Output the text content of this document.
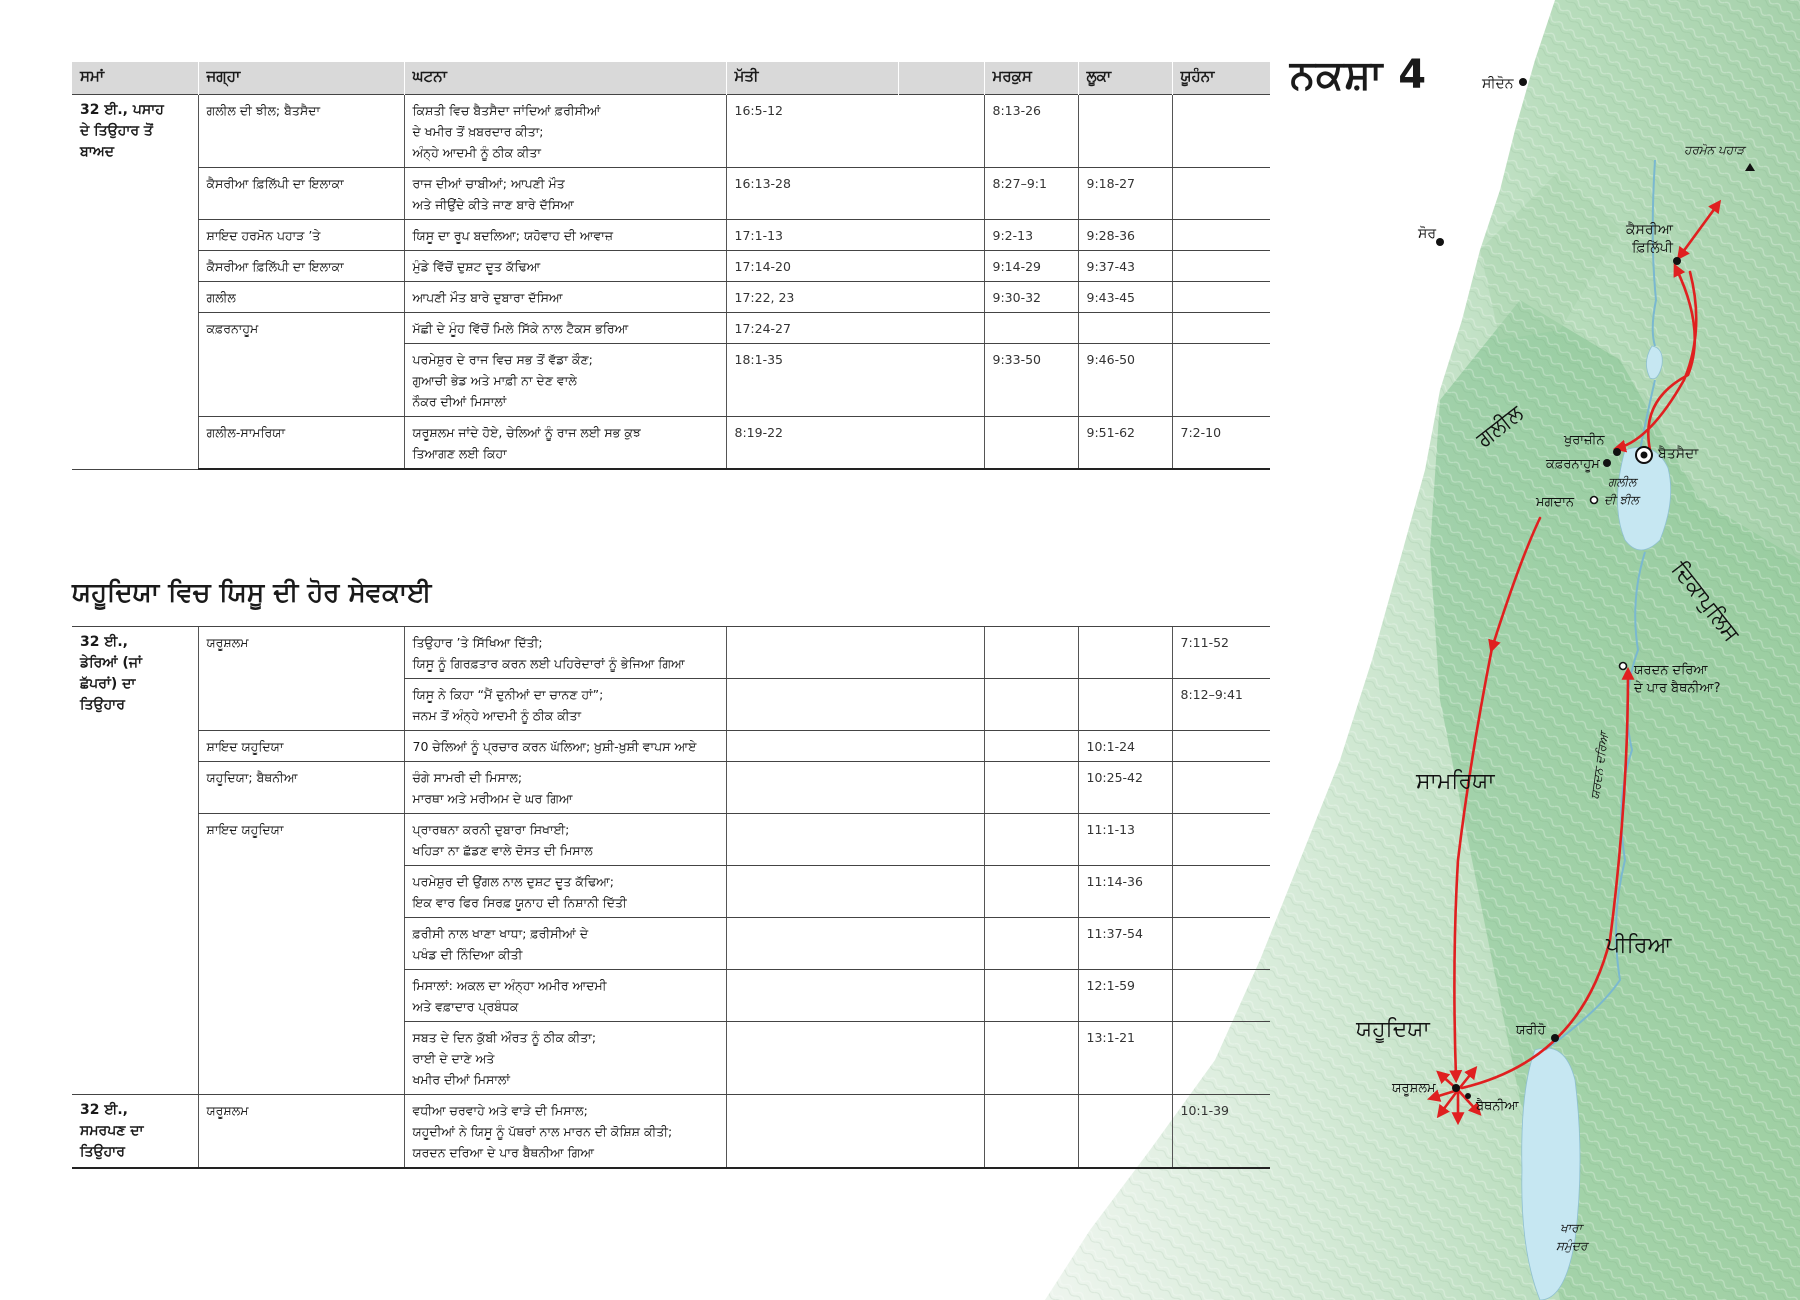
ਸੀਦੋਨ
ਸੋਰ
ਹਰਮੋਨ ਪਹਾੜ
ਕੈਸਰੀਆ
ਫ਼ਿਲਿੱਪੀ
ਗਲੀਲ	ਖੁਰਾਜ਼ੀਨ
ਕਫ਼ਰਨਾਹੂਮ
ਬੈਤਸੈਦਾ
ਗਲੀਲ
ਦੀ ਝੀਲ
ਮਗਦਾਨ
ਦਿਕਾਪੁਲਿਸ
ਯਰਦਨ ਦਰਿਆ
ਦੇ ਪਾਰ ਬੈਥਨੀਆ?
ਸਾਮਰਿਯਾ	ਯਰਦਨ ਦਰਿਆ
ਪੀਰਿਆ
ਯਹੂਦਿਯਾ	ਯਰੀਹੋ
ਯਰੂਸ਼ਲਮ
ਬੈਥਨੀਆ
ਖਾਰਾ
ਸਮੁੰਦਰ
ਨਕਸ਼ਾ 4
ਸਮਾਂ	ਜਗ੍ਹਾ	ਘਟਨਾ	ਮੱਤੀ		ਮਰਕੁਸ	ਲੂਕਾ	ਯੂਹੰਨਾ

32 ਈ., ਪਸਾਹ
ਦੇ ਤਿਉਹਾਰ ਤੋਂ
ਬਾਅਦ	ਗਲੀਲ ਦੀ ਝੀਲ; ਬੈਤਸੈਦਾ	ਕਿਸ਼ਤੀ ਵਿਚ ਬੈਤਸੈਦਾ ਜਾਂਦਿਆਂ ਫ਼ਰੀਸੀਆਂ
ਦੇ ਖਮੀਰ ਤੋਂ ਖ਼ਬਰਦਾਰ ਕੀਤਾ;
ਅੰਨ੍ਹੇ ਆਦਮੀ ਨੂੰ ਠੀਕ ਕੀਤਾ	16:5-12		8:13-26		
	ਕੈਸਰੀਆ ਫ਼ਿਲਿੱਪੀ ਦਾ ਇਲਾਕਾ	ਰਾਜ ਦੀਆਂ ਚਾਬੀਆਂ; ਆਪਣੀ ਮੌਤ
ਅਤੇ ਜੀਉਂਦੇ ਕੀਤੇ ਜਾਣ ਬਾਰੇ ਦੱਸਿਆ	16:13-28		8:27–9:1	9:18-27	
	ਸ਼ਾਇਦ ਹਰਮੋਨ ਪਹਾੜ ’ਤੇ	ਯਿਸੂ ਦਾ ਰੂਪ ਬਦਲਿਆ; ਯਹੋਵਾਹ ਦੀ ਆਵਾਜ਼	17:1-13		9:2-13	9:28-36	
	ਕੈਸਰੀਆ ਫ਼ਿਲਿੱਪੀ ਦਾ ਇਲਾਕਾ	ਮੁੰਡੇ ਵਿੱਚੋਂ ਦੁਸ਼ਟ ਦੂਤ ਕੱਢਿਆ	17:14-20		9:14-29	9:37-43	
	ਗਲੀਲ	ਆਪਣੀ ਮੌਤ ਬਾਰੇ ਦੁਬਾਰਾ ਦੱਸਿਆ	17:22, 23		9:30-32	9:43-45	
	ਕਫ਼ਰਨਾਹੂਮ	ਮੱਛੀ ਦੇ ਮੂੰਹ ਵਿੱਚੋਂ ਮਿਲੇ ਸਿੱਕੇ ਨਾਲ ਟੈਕਸ ਭਰਿਆ	17:24-27				

		ਪਰਮੇਸ਼ੁਰ ਦੇ ਰਾਜ ਵਿਚ ਸਭ ਤੋਂ ਵੱਡਾ ਕੌਣ;
ਗੁਆਚੀ ਭੇਡ ਅਤੇ ਮਾਫ਼ੀ ਨਾ ਦੇਣ ਵਾਲੇ
ਨੌਕਰ ਦੀਆਂ ਮਿਸਾਲਾਂ	18:1-35		9:33-50	9:46-50	
	ਗਲੀਲ-ਸਾਮਰਿਯਾ	ਯਰੂਸ਼ਲਮ ਜਾਂਦੇ ਹੋਏ, ਚੇਲਿਆਂ ਨੂੰ ਰਾਜ ਲਈ ਸਭ ਕੁਝ
ਤਿਆਗਣ ਲਈ ਕਿਹਾ	8:19-22			9:51-62	7:2-10
ਯਹੂਦਿਯਾ ਵਿਚ ਯਿਸੂ ਦੀ ਹੋਰ ਸੇਵਕਾਈ
32 ਈ.,
ਡੇਰਿਆਂ (ਜਾਂ
ਛੱਪਰਾਂ) ਦਾ
ਤਿਉਹਾਰ	ਯਰੂਸ਼ਲਮ	ਤਿਉਹਾਰ ’ਤੇ ਸਿੱਖਿਆ ਦਿੱਤੀ;
ਯਿਸੂ ਨੂੰ ਗਿਰਫ਼ਤਾਰ ਕਰਨ ਲਈ ਪਹਿਰੇਦਾਰਾਂ ਨੂੰ ਭੇਜਿਆ ਗਿਆ				7:11-52

		ਯਿਸੂ ਨੇ ਕਿਹਾ “ਮੈਂ ਦੁਨੀਆਂ ਦਾ ਚਾਨਣ ਹਾਂ”;
ਜਨਮ ਤੋਂ ਅੰਨ੍ਹੇ ਆਦਮੀ ਨੂੰ ਠੀਕ ਕੀਤਾ				8:12–9:41
	ਸ਼ਾਇਦ ਯਹੂਦਿਯਾ	70 ਚੇਲਿਆਂ ਨੂੰ ਪ੍ਰਚਾਰ ਕਰਨ ਘੱਲਿਆ; ਖ਼ੁਸ਼ੀ-ਖ਼ੁਸ਼ੀ ਵਾਪਸ ਆਏ			10:1-24	
	ਯਹੂਦਿਯਾ; ਬੈਥਨੀਆ	ਚੰਗੇ ਸਾਮਰੀ ਦੀ ਮਿਸਾਲ;
ਮਾਰਥਾ ਅਤੇ ਮਰੀਅਮ ਦੇ ਘਰ ਗਿਆ			10:25-42	
	ਸ਼ਾਇਦ ਯਹੂਦਿਯਾ	ਪ੍ਰਾਰਥਨਾ ਕਰਨੀ ਦੁਬਾਰਾ ਸਿਖਾਈ;
ਖਹਿੜਾ ਨਾ ਛੱਡਣ ਵਾਲੇ ਦੋਸਤ ਦੀ ਮਿਸਾਲ			11:1-13	

		ਪਰਮੇਸ਼ੁਰ ਦੀ ਉਂਗਲ ਨਾਲ ਦੁਸ਼ਟ ਦੂਤ ਕੱਢਿਆ;
ਇਕ ਵਾਰ ਫਿਰ ਸਿਰਫ਼ ਯੂਨਾਹ ਦੀ ਨਿਸ਼ਾਨੀ ਦਿੱਤੀ			11:14-36	

		ਫ਼ਰੀਸੀ ਨਾਲ ਖਾਣਾ ਖਾਧਾ; ਫ਼ਰੀਸੀਆਂ ਦੇ
ਪਖੰਡ ਦੀ ਨਿੰਦਿਆ ਕੀਤੀ			11:37-54	

		ਮਿਸਾਲਾਂ: ਅਕਲ ਦਾ ਅੰਨ੍ਹਾ ਅਮੀਰ ਆਦਮੀ
ਅਤੇ ਵਫ਼ਾਦਾਰ ਪ੍ਰਬੰਧਕ			12:1-59	

		ਸਬਤ ਦੇ ਦਿਨ ਕੁੱਬੀ ਔਰਤ ਨੂੰ ਠੀਕ ਕੀਤਾ;
ਰਾਈ ਦੇ ਦਾਣੇ ਅਤੇ
ਖਮੀਰ ਦੀਆਂ ਮਿਸਾਲਾਂ			13:1-21	

32 ਈ.,
ਸਮਰਪਣ ਦਾ
ਤਿਉਹਾਰ	ਯਰੂਸ਼ਲਮ	ਵਧੀਆ ਚਰਵਾਹੇ ਅਤੇ ਵਾੜੇ ਦੀ ਮਿਸਾਲ;
ਯਹੂਦੀਆਂ ਨੇ ਯਿਸੂ ਨੂੰ ਪੱਥਰਾਂ ਨਾਲ ਮਾਰਨ ਦੀ ਕੋਸ਼ਿਸ਼ ਕੀਤੀ;
ਯਰਦਨ ਦਰਿਆ ਦੇ ਪਾਰ ਬੈਥਨੀਆ ਗਿਆ				10:1-39
